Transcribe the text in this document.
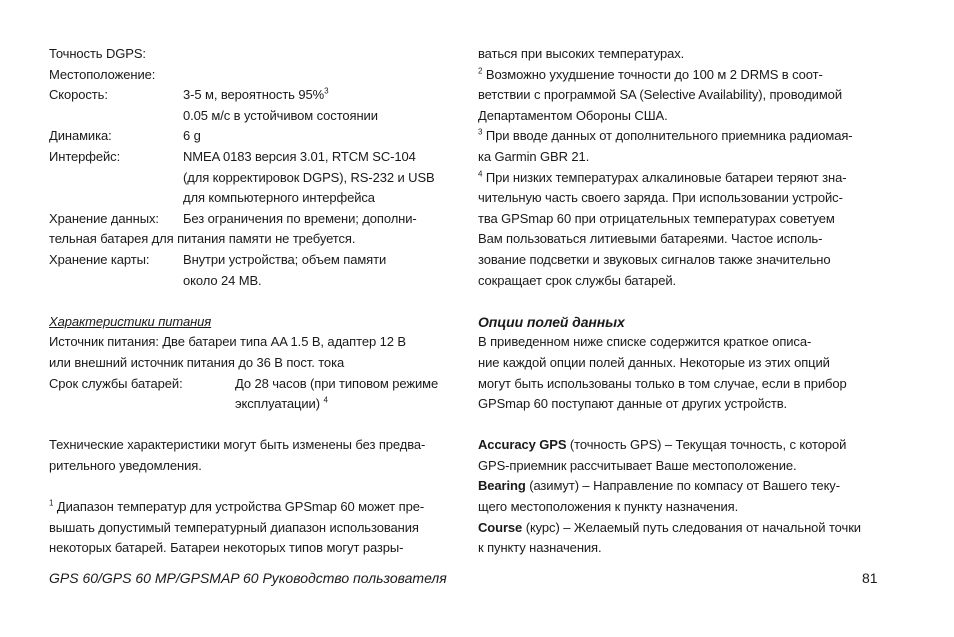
Точность DGPS:
Местоположение:
Скорость:	3-5 м, вероятность 95%$^3$
0.05 м/с в устойчивом состоянии
Динамика:	6 g
Интерфейс:	NMEA 0183 версия 3.01, RTCM SC-104
(для корректировок DGPS), RS-232 и USB
для компьютерного интерфейса
Хранение данных:	Без ограничения по времени; дополни-
тельная батарея для питания памяти не требуется.
Хранение карты:	Внутри устройства; объем памяти
около 24 MB.
Характеристики питания
Источник питания: Две батареи типа AA 1.5 В, адаптер 12 В
или внешний источник питания до 36 В пост. тока
Срок службы батарей:	До 28 часов (при типовом режиме
эксплуатации) $^4$
Технические характеристики могут быть изменены без предва-
рительного уведомления.
$^1$ Диапазон температур для устройства GPSmap 60 может пре-
вышать допустимый температурный диапазон использования
некоторых батарей. Батареи некоторых типов могут разры-
ваться при высоких температурах.
$^2$ Возможно ухудшение точности до 100 м 2 DRMS в соот-
ветствии с программой SA (Selective Availability), проводимой
Департаментом Обороны США.
$^3$ При вводе данных от дополнительного приемника радиомая-
ка Garmin GBR 21.
$^4$ При низких температурах алкалиновые батареи теряют зна-
чительную часть своего заряда. При использовании устройс-
тва GPSmap 60 при отрицательных температурах советуем
Вам пользоваться литиевыми батареями. Частое исполь-
зование подсветки и звуковых сигналов также значительно
сокращает срок службы батарей.
Опции полей данных
В приведенном ниже списке содержится краткое описа-
ние каждой опции полей данных. Некоторые из этих опций
могут быть использованы только в том случае, если в прибор
GPSmap 60 поступают данные от других устройств.
Accuracy GPS (точность GPS) – Текущая точность, с которой
GPS-приемник рассчитывает Ваше местоположение.
Bearing (азимут) – Направление по компасу от Вашего теку-
щего местоположения к пункту назначения.
Course (курс) – Желаемый путь следования от начальной точки
к пункту назначения.
GPS 60/GPS 60 MP/GPSMAP 60 Руководство пользователя	81
